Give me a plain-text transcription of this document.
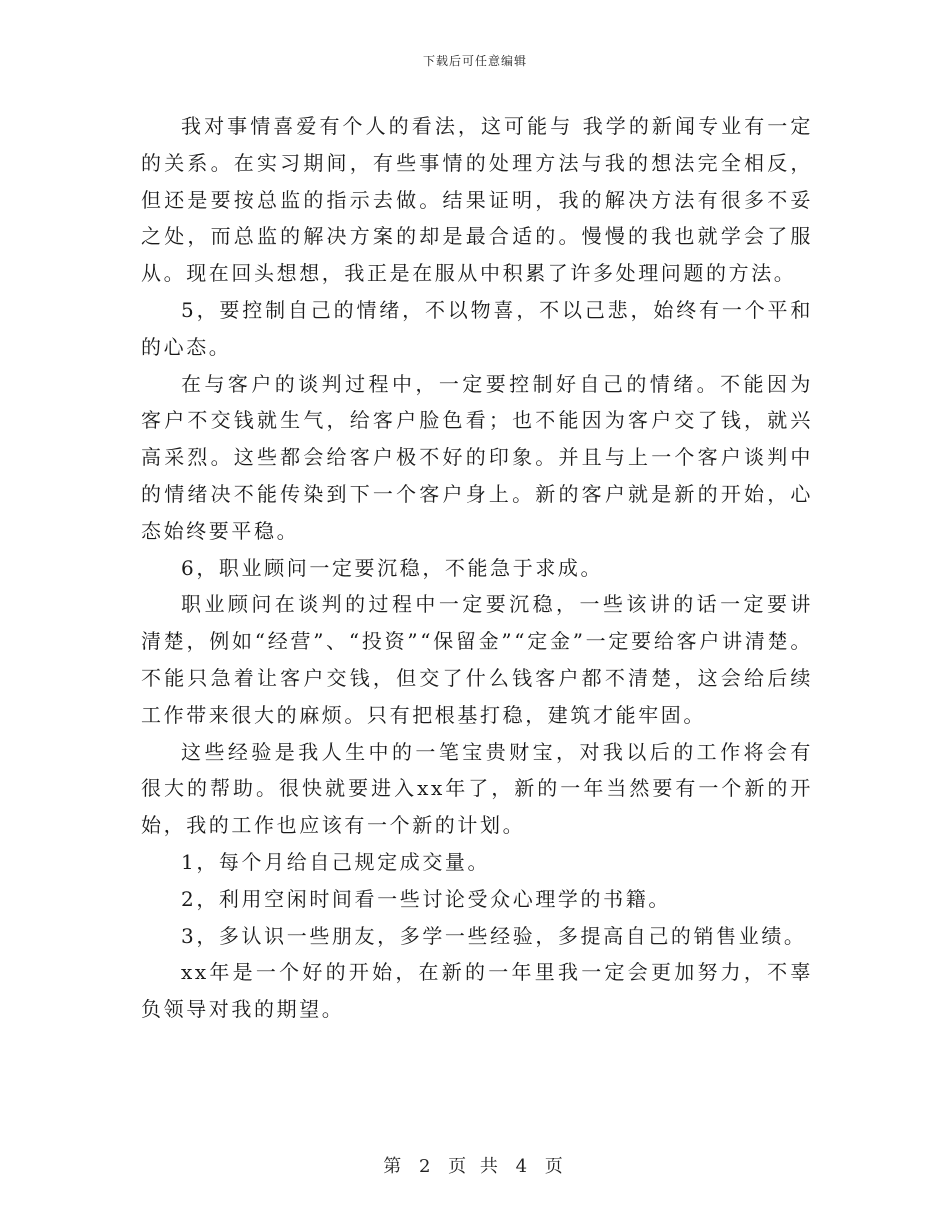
下载后可任意编辑

我对事情喜爱有个人的看法，这可能与 我学的新闻专业有一定的关系。在实习期间，有些事情的处理方法与我的想法完全相反，但还是要按总监的指示去做。结果证明，我的解决方法有很多不妥之处，而总监的解决方案的却是最合适的。慢慢的我也就学会了服从。现在回头想想，我正是在服从中积累了许多处理问题的方法。

5，要控制自己的情绪，不以物喜，不以己悲，始终有一个平和的心态。

在与客户的谈判过程中，一定要控制好自己的情绪。不能因为客户不交钱就生气，给客户脸色看；也不能因为客户交了钱，就兴高采烈。这些都会给客户极不好的印象。并且与上一个客户谈判中的情绪决不能传染到下一个客户身上。新的客户就是新的开始，心态始终要平稳。

6，职业顾问一定要沉稳，不能急于求成。

职业顾问在谈判的过程中一定要沉稳，一些该讲的话一定要讲清楚，例如“经营”、“投资”“保留金”“定金”一定要给客户讲清楚。不能只急着让客户交钱，但交了什么钱客户都不清楚，这会给后续工作带来很大的麻烦。只有把根基打稳，建筑才能牢固。

这些经验是我人生中的一笔宝贵财宝，对我以后的工作将会有很大的帮助。很快就要进入xx年了，新的一年当然要有一个新的开始，我的工作也应该有一个新的计划。

1，每个月给自己规定成交量。

2，利用空闲时间看一些讨论受众心理学的书籍。

3，多认识一些朋友，多学一些经验，多提高自己的销售业绩。

xx年是一个好的开始，在新的一年里我一定会更加努力，不辜负领导对我的期望。

第 2 页 共 4 页
